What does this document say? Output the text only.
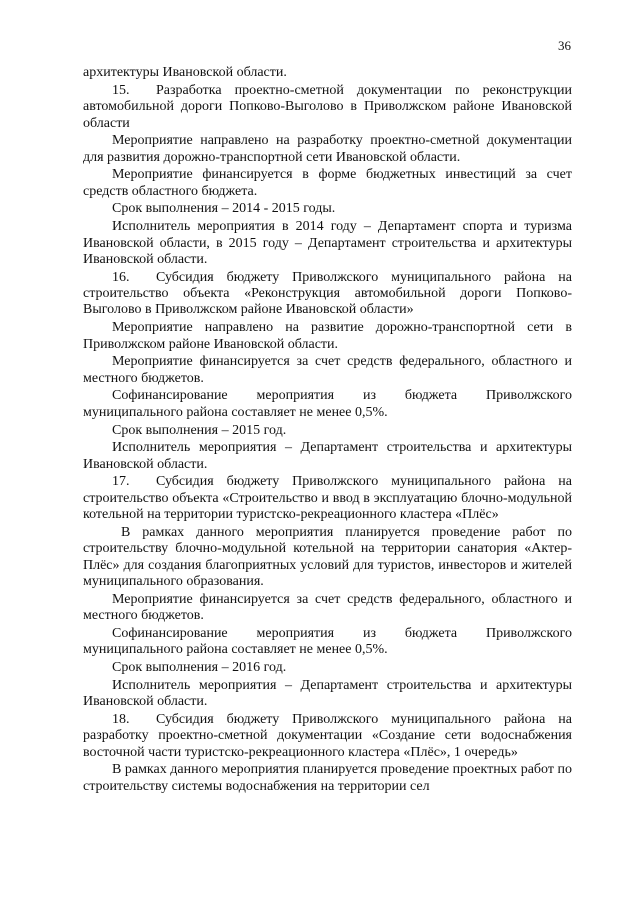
36

архитектуры Ивановской области.

15. Разработка проектно-сметной документации по реконструкции автомобильной дороги Попково-Выголово в Приволжском районе Ивановской области

Мероприятие направлено на разработку проектно-сметной документации для развития дорожно-транспортной сети Ивановской области.

Мероприятие финансируется в форме бюджетных инвестиций за счет средств областного бюджета.

Срок выполнения – 2014 - 2015 годы.

Исполнитель мероприятия в 2014 году – Департамент спорта и туризма Ивановской области, в 2015 году – Департамент строительства и архитектуры Ивановской области.

16. Субсидия бюджету Приволжского муниципального района на строительство объекта «Реконструкция автомобильной дороги Попково-Выголово в Приволжском районе Ивановской области»

Мероприятие направлено на развитие дорожно-транспортной сети в Приволжском районе Ивановской области.

Мероприятие финансируется за счет средств федерального, областного и местного бюджетов.

Софинансирование мероприятия из бюджета Приволжского муниципального района составляет не менее 0,5%.

Срок выполнения – 2015 год.

Исполнитель мероприятия – Департамент строительства и архитектуры Ивановской области.

17. Субсидия бюджету Приволжского муниципального района на строительство объекта «Строительство и ввод в эксплуатацию блочно-модульной котельной на территории туристско-рекреационного кластера «Плёс»

В рамках данного мероприятия планируется проведение работ по строительству блочно-модульной котельной на территории санатория «Актер-Плёс» для создания благоприятных условий для туристов, инвесторов и жителей муниципального образования.

Мероприятие финансируется за счет средств федерального, областного и местного бюджетов.

Софинансирование мероприятия из бюджета Приволжского муниципального района составляет не менее 0,5%.

Срок выполнения – 2016 год.

Исполнитель мероприятия – Департамент строительства и архитектуры Ивановской области.

18. Субсидия бюджету Приволжского муниципального района на разработку проектно-сметной документации «Создание сети водоснабжения восточной части туристско-рекреационного кластера «Плёс», 1 очередь»

В рамках данного мероприятия планируется проведение проектных работ по строительству системы водоснабжения на территории сел
